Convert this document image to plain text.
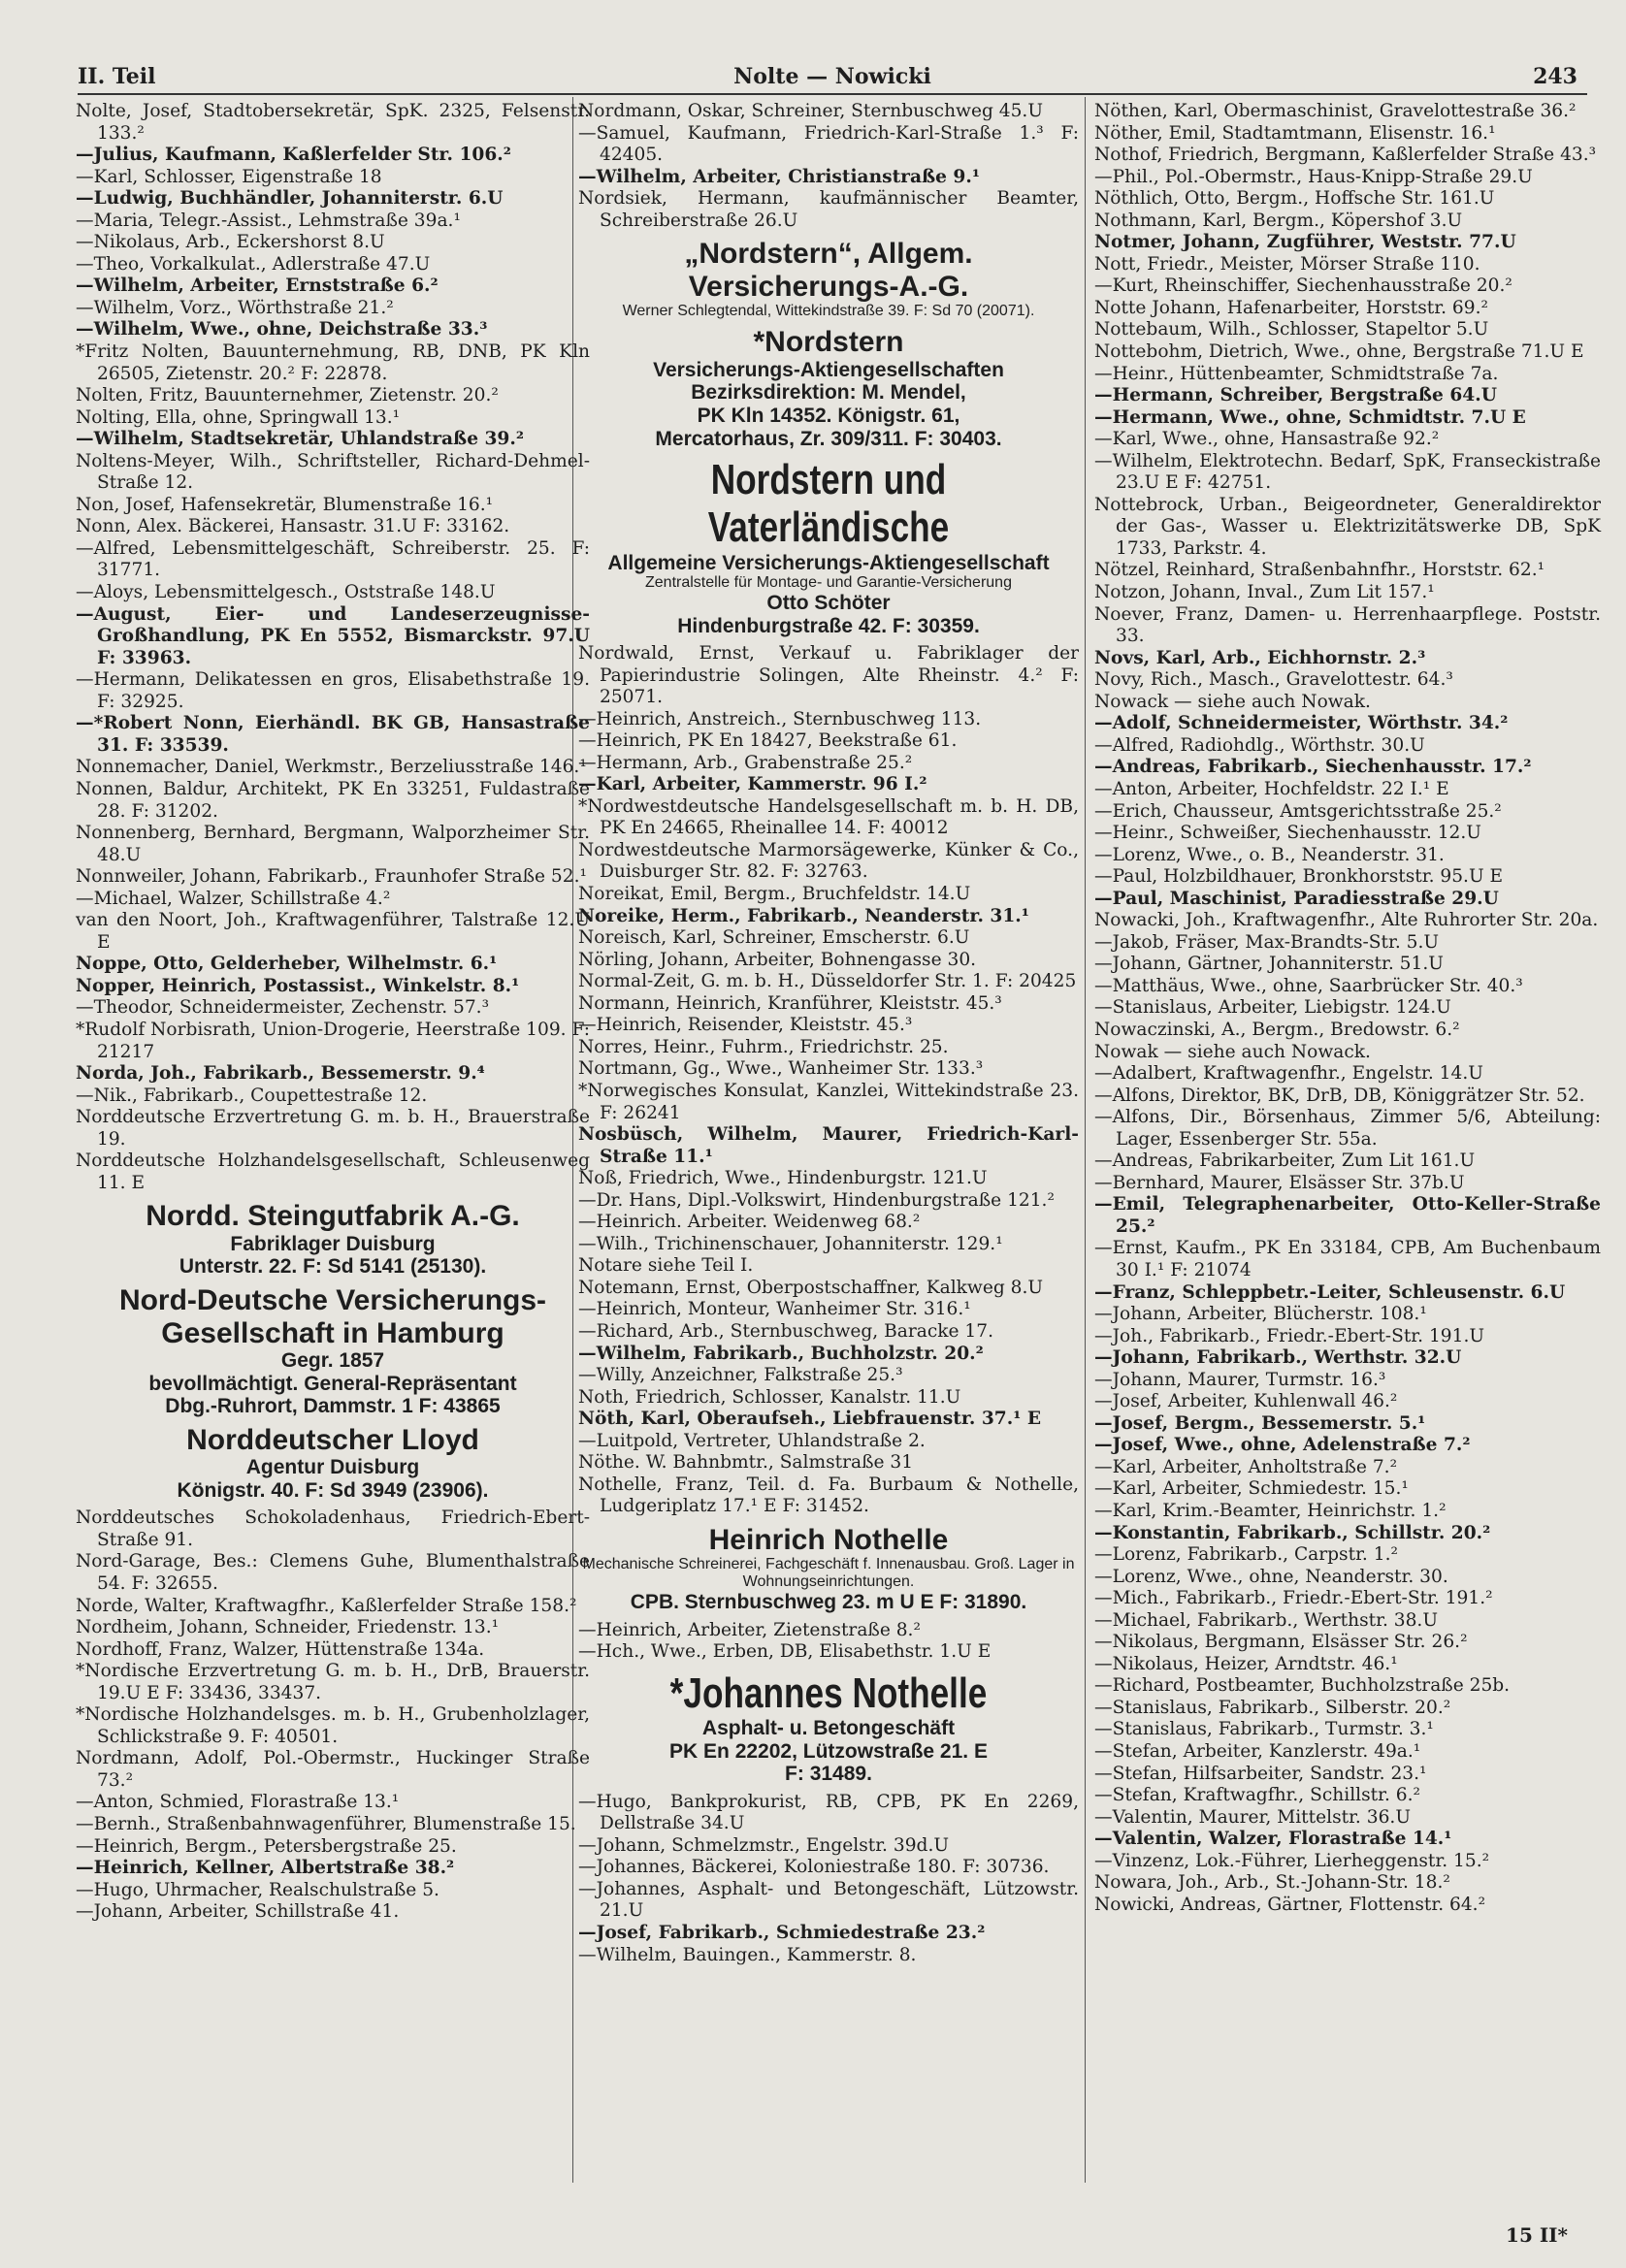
II. Teil	Nolte — Nowicki	243
Nolte, Josef, Stadtobersekretär, SpK. 2325, Felsenstr. 133.²
—Julius, Kaufmann, Kaßlerfelder Str. 106.²
—Karl, Schlosser, Eigenstraße 18
—Ludwig, Buchhändler, Johanniterstr. 6.U
—Maria, Telegr.-Assist., Lehmstraße 39a.¹
—Nikolaus, Arb., Eckershorst 8.U
—Theo, Vorkalkulat., Adlerstraße 47.U
—Wilhelm, Arbeiter, Ernststraße 6.²
—Wilhelm, Vorz., Wörthstraße 21.²
—Wilhelm, Wwe., ohne, Deichstraße 33.³
*Fritz Nolten, Bauunternehmung, RB, DNB, PK Kln 26505, Zietenstr. 20.² F: 22878.
Nolten, Fritz, Bauunternehmer, Zietenstr. 20.²
Nolting, Ella, ohne, Springwall 13.¹
—Wilhelm, Stadtsekretär, Uhlandstraße 39.²
Noltens-Meyer, Wilh., Schriftsteller, Richard-Dehmel-Straße 12.
Non, Josef, Hafensekretär, Blumenstraße 16.¹
Nonn, Alex. Bäckerei, Hansastr. 31.U F: 33162.
—Alfred, Lebensmittelgeschäft, Schreiberstr. 25. F: 31771.
—Aloys, Lebensmittelgesch., Oststraße 148.U
—August, Eier- und Landeserzeugnisse-Großhandlung, PK En 5552, Bismarckstr. 97.U F: 33963.
—Hermann, Delikatessen en gros, Elisabethstraße 19. F: 32925.
—*Robert Nonn, Eierhändl. BK GB, Hansastraße 31. F: 33539.
Nonnemacher, Daniel, Werkmstr., Berzeliusstraße 146.¹
Nonnen, Baldur, Architekt, PK En 33251, Fuldastraße 28. F: 31202.
Nonnenberg, Bernhard, Bergmann, Walporzheimer Str. 48.U
Nonnweiler, Johann, Fabrikarb., Fraunhofer Straße 52.¹
—Michael, Walzer, Schillstraße 4.²
van den Noort, Joh., Kraftwagenführer, Talstraße 12.U E
Noppe, Otto, Gelderheber, Wilhelmstr. 6.¹
Nopper, Heinrich, Postassist., Winkelstr. 8.¹
—Theodor, Schneidermeister, Zechenstr. 57.³
*Rudolf Norbisrath, Union-Drogerie, Heerstraße 109. F: 21217
Norda, Joh., Fabrikarb., Bessemerstr. 9.⁴
—Nik., Fabrikarb., Coupettestraße 12.
Norddeutsche Erzvertretung G. m. b. H., Brauerstraße 19.
Norddeutsche Holzhandelsgesellschaft, Schleusenweg 11. E
Nordd. Steingutfabrik A.-G.
Fabriklager Duisburg
Unterstr. 22. F: Sd 5141 (25130).
Nord-Deutsche Versicherungs-Gesellschaft in Hamburg
Gegr. 1857
bevollmächtigt. General-Repräsentant
Dbg.-Ruhrort, Dammstr. 1 F: 43865
Norddeutscher Lloyd
Agentur Duisburg
Königstr. 40. F: Sd 3949 (23906).
Norddeutsches Schokoladenhaus, Friedrich-Ebert-Straße 91.
Nord-Garage, Bes.: Clemens Guhe, Blumenthalstraße 54. F: 32655.
Norde, Walter, Kraftwagfhr., Kaßlerfelder Straße 158.²
Nordheim, Johann, Schneider, Friedenstr. 13.¹
Nordhoff, Franz, Walzer, Hüttenstraße 134a.
*Nordische Erzvertretung G. m. b. H., DrB, Brauerstr. 19.U E F: 33436, 33437.
*Nordische Holzhandelsges. m. b. H., Grubenholzlager, Schlickstraße 9. F: 40501.
Nordmann, Adolf, Pol.-Obermstr., Huckinger Straße 73.²
—Anton, Schmied, Florastraße 13.¹
—Bernh., Straßenbahnwagenführer, Blumenstraße 15.
—Heinrich, Bergm., Petersbergstraße 25.
—Heinrich, Kellner, Albertstraße 38.²
—Hugo, Uhrmacher, Realschulstraße 5.
—Johann, Arbeiter, Schillstraße 41.
Nordmann, Oskar, Schreiner, Sternbuschweg 45.U
—Samuel, Kaufmann, Friedrich-Karl-Straße 1.³ F: 42405.
—Wilhelm, Arbeiter, Christianstraße 9.¹
Nordsiek, Hermann, kaufmännischer Beamter, Schreiberstraße 26.U
„Nordstern“, Allgem. Versicherungs-A.-G.
Werner Schlegtendal, Wittekindstraße 39. F: Sd 70 (20071).
*Nordstern
Versicherungs-Aktiengesellschaften
Bezirksdirektion: M. Mendel,
PK Kln 14352. Königstr. 61,
Mercatorhaus, Zr. 309/311. F: 30403.
Nordstern und Vaterländische
Allgemeine Versicherungs-Aktiengesellschaft
Zentralstelle für Montage- und Garantie-Versicherung
Otto Schöter
Hindenburgstraße 42. F: 30359.
Nordwald, Ernst, Verkauf u. Fabriklager der Papierindustrie Solingen, Alte Rheinstr. 4.² F: 25071.
—Heinrich, Anstreich., Sternbuschweg 113.
—Heinrich, PK En 18427, Beekstraße 61.
—Hermann, Arb., Grabenstraße 25.²
—Karl, Arbeiter, Kammerstr. 96 I.²
*Nordwestdeutsche Handelsgesellschaft m. b. H. DB, PK En 24665, Rheinallee 14. F: 40012
Nordwestdeutsche Marmorsägewerke, Künker & Co., Duisburger Str. 82. F: 32763.
Noreikat, Emil, Bergm., Bruchfeldstr. 14.U
Noreike, Herm., Fabrikarb., Neanderstr. 31.¹
Noreisch, Karl, Schreiner, Emscherstr. 6.U
Nörling, Johann, Arbeiter, Bohnengasse 30.
Normal-Zeit, G. m. b. H., Düsseldorfer Str. 1. F: 20425
Normann, Heinrich, Kranführer, Kleiststr. 45.³
—Heinrich, Reisender, Kleiststr. 45.³
Norres, Heinr., Fuhrm., Friedrichstr. 25.
Nortmann, Gg., Wwe., Wanheimer Str. 133.³
*Norwegisches Konsulat, Kanzlei, Wittekindstraße 23. F: 26241
Nosbüsch, Wilhelm, Maurer, Friedrich-Karl-Straße 11.¹
Noß, Friedrich, Wwe., Hindenburgstr. 121.U
—Dr. Hans, Dipl.-Volkswirt, Hindenburgstraße 121.²
—Heinrich. Arbeiter. Weidenweg 68.²
—Wilh., Trichinenschauer, Johanniterstr. 129.¹
Notare siehe Teil I.
Notemann, Ernst, Oberpostschaffner, Kalkweg 8.U
—Heinrich, Monteur, Wanheimer Str. 316.¹
—Richard, Arb., Sternbuschweg, Baracke 17.
—Wilhelm, Fabrikarb., Buchholzstr. 20.²
—Willy, Anzeichner, Falkstraße 25.³
Noth, Friedrich, Schlosser, Kanalstr. 11.U
Nöth, Karl, Oberaufseh., Liebfrauenstr. 37.¹ E
—Luitpold, Vertreter, Uhlandstraße 2.
Nöthe. W. Bahnbmtr., Salmstraße 31
Nothelle, Franz, Teil. d. Fa. Burbaum & Nothelle, Ludgeriplatz 17.¹ E F: 31452.
Heinrich Nothelle
Mechanische Schreinerei, Fachgeschäft f. Innenausbau. Groß. Lager in Wohnungseinrichtungen.
CPB. Sternbuschweg 23. m U E F: 31890.
—Heinrich, Arbeiter, Zietenstraße 8.²
—Hch., Wwe., Erben, DB, Elisabethstr. 1.U E
*Johannes Nothelle
Asphalt- u. Betongeschäft
PK En 22202, Lützowstraße 21. E
F: 31489.
—Hugo, Bankprokurist, RB, CPB, PK En 2269, Dellstraße 34.U
—Johann, Schmelzmstr., Engelstr. 39d.U
—Johannes, Bäckerei, Koloniestraße 180. F: 30736.
—Johannes, Asphalt- und Betongeschäft, Lützowstr. 21.U
—Josef, Fabrikarb., Schmiedestraße 23.²
—Wilhelm, Bauingen., Kammerstr. 8.
Nöthen, Karl, Obermaschinist, Gravelottestraße 36.²
Nöther, Emil, Stadtamtmann, Elisenstr. 16.¹
Nothof, Friedrich, Bergmann, Kaßlerfelder Straße 43.³
—Phil., Pol.-Obermstr., Haus-Knipp-Straße 29.U
Nöthlich, Otto, Bergm., Hoffsche Str. 161.U
Nothmann, Karl, Bergm., Köpershof 3.U
Notmer, Johann, Zugführer, Weststr. 77.U
Nott, Friedr., Meister, Mörser Straße 110.
—Kurt, Rheinschiffer, Siechenhausstraße 20.²
Notte Johann, Hafenarbeiter, Horststr. 69.²
Nottebaum, Wilh., Schlosser, Stapeltor 5.U
Nottebohm, Dietrich, Wwe., ohne, Bergstraße 71.U E
—Heinr., Hüttenbeamter, Schmidtstraße 7a.
—Hermann, Schreiber, Bergstraße 64.U
—Hermann, Wwe., ohne, Schmidtstr. 7.U E
—Karl, Wwe., ohne, Hansastraße 92.²
—Wilhelm, Elektrotechn. Bedarf, SpK, Franseckistraße 23.U E F: 42751.
Nottebrock, Urban., Beigeordneter, Generaldirektor der Gas-, Wasser u. Elektrizitätswerke DB, SpK 1733, Parkstr. 4.
Nötzel, Reinhard, Straßenbahnfhr., Horststr. 62.¹
Notzon, Johann, Inval., Zum Lit 157.¹
Noever, Franz, Damen- u. Herrenhaarpflege. Poststr. 33.
Novs, Karl, Arb., Eichhornstr. 2.³
Novy, Rich., Masch., Gravelottestr. 64.³
Nowack — siehe auch Nowak.
—Adolf, Schneidermeister, Wörthstr. 34.²
—Alfred, Radiohdlg., Wörthstr. 30.U
—Andreas, Fabrikarb., Siechenhausstr. 17.²
—Anton, Arbeiter, Hochfeldstr. 22 I.¹ E
—Erich, Chausseur, Amtsgerichtsstraße 25.²
—Heinr., Schweißer, Siechenhausstr. 12.U
—Lorenz, Wwe., o. B., Neanderstr. 31.
—Paul, Holzbildhauer, Bronkhorststr. 95.U E
—Paul, Maschinist, Paradiesstraße 29.U
Nowacki, Joh., Kraftwagenfhr., Alte Ruhrorter Str. 20a.
—Jakob, Fräser, Max-Brandts-Str. 5.U
—Johann, Gärtner, Johanniterstr. 51.U
—Matthäus, Wwe., ohne, Saarbrücker Str. 40.³
—Stanislaus, Arbeiter, Liebigstr. 124.U
Nowaczinski, A., Bergm., Bredowstr. 6.²
Nowak — siehe auch Nowack.
—Adalbert, Kraftwagenfhr., Engelstr. 14.U
—Alfons, Direktor, BK, DrB, DB, Königgrätzer Str. 52.
—Alfons, Dir., Börsenhaus, Zimmer 5/6, Abteilung: Lager, Essenberger Str. 55a.
—Andreas, Fabrikarbeiter, Zum Lit 161.U
—Bernhard, Maurer, Elsässer Str. 37b.U
—Emil, Telegraphenarbeiter, Otto-Keller-Straße 25.²
—Ernst, Kaufm., PK En 33184, CPB, Am Buchenbaum 30 I.¹ F: 21074
—Franz, Schleppbetr.-Leiter, Schleusenstr. 6.U
—Johann, Arbeiter, Blücherstr. 108.¹
—Joh., Fabrikarb., Friedr.-Ebert-Str. 191.U
—Johann, Fabrikarb., Werthstr. 32.U
—Johann, Maurer, Turmstr. 16.³
—Josef, Arbeiter, Kuhlenwall 46.²
—Josef, Bergm., Bessemerstr. 5.¹
—Josef, Wwe., ohne, Adelenstraße 7.²
—Karl, Arbeiter, Anholtstraße 7.²
—Karl, Arbeiter, Schmiedestr. 15.¹
—Karl, Krim.-Beamter, Heinrichstr. 1.²
—Konstantin, Fabrikarb., Schillstr. 20.²
—Lorenz, Fabrikarb., Carpstr. 1.²
—Lorenz, Wwe., ohne, Neanderstr. 30.
—Mich., Fabrikarb., Friedr.-Ebert-Str. 191.²
—Michael, Fabrikarb., Werthstr. 38.U
—Nikolaus, Bergmann, Elsässer Str. 26.²
—Nikolaus, Heizer, Arndtstr. 46.¹
—Richard, Postbeamter, Buchholzstraße 25b.
—Stanislaus, Fabrikarb., Silberstr. 20.²
—Stanislaus, Fabrikarb., Turmstr. 3.¹
—Stefan, Arbeiter, Kanzlerstr. 49a.¹
—Stefan, Hilfsarbeiter, Sandstr. 23.¹
—Stefan, Kraftwagfhr., Schillstr. 6.²
—Valentin, Maurer, Mittelstr. 36.U
—Valentin, Walzer, Florastraße 14.¹
—Vinzenz, Lok.-Führer, Lierheggenstr. 15.²
Nowara, Joh., Arb., St.-Johann-Str. 18.²
Nowicki, Andreas, Gärtner, Flottenstr. 64.²
15 II*
